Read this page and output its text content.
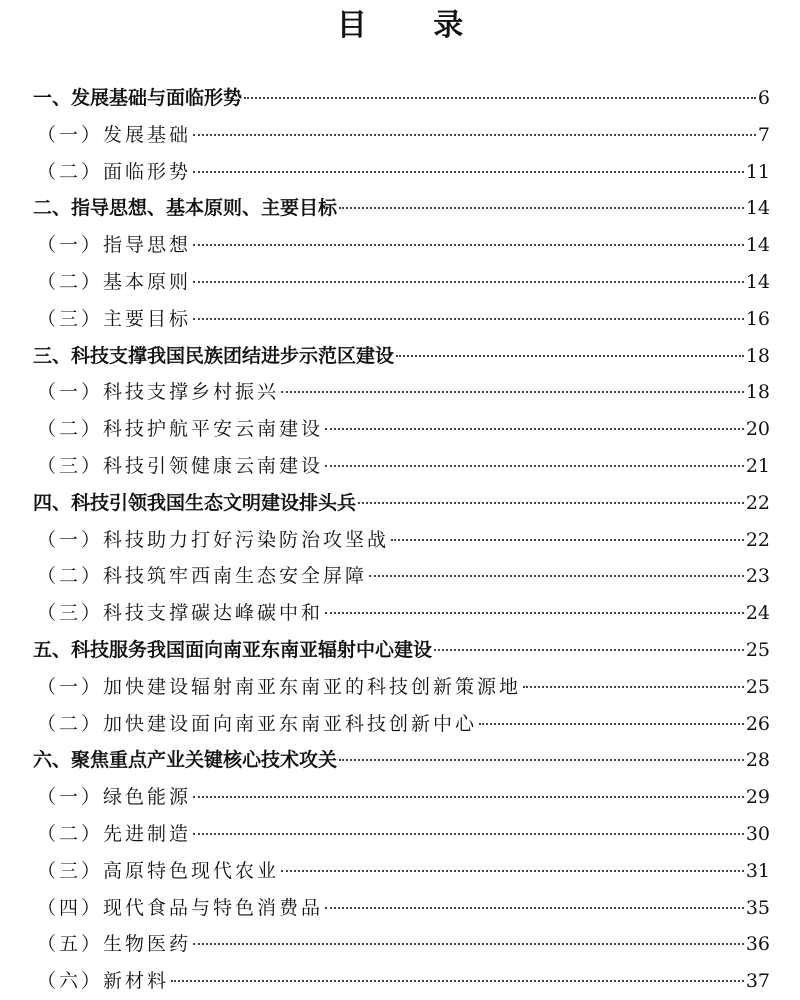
目 录
一、发展基础与面临形势	6
（一）发展基础	7
（二）面临形势	11
二、指导思想、基本原则、主要目标	14
（一）指导思想	14
（二）基本原则	14
（三）主要目标	16
三、科技支撑我国民族团结进步示范区建设	18
（一）科技支撑乡村振兴	18
（二）科技护航平安云南建设	20
（三）科技引领健康云南建设	21
四、科技引领我国生态文明建设排头兵	22
（一）科技助力打好污染防治攻坚战	22
（二）科技筑牢西南生态安全屏障	23
（三）科技支撑碳达峰碳中和	24
五、科技服务我国面向南亚东南亚辐射中心建设	25
（一）加快建设辐射南亚东南亚的科技创新策源地	25
（二）加快建设面向南亚东南亚科技创新中心	26
六、聚焦重点产业关键核心技术攻关	28
（一）绿色能源	29
（二）先进制造	30
（三）高原特色现代农业	31
（四）现代食品与特色消费品	35
（五）生物医药	36
（六）新材料	37
